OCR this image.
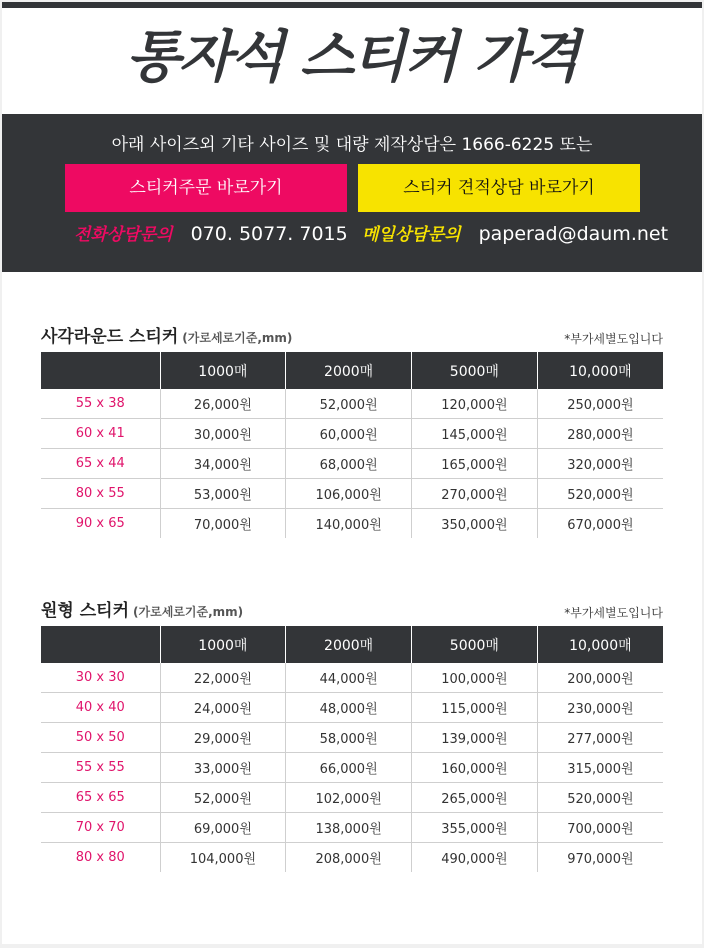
통자석 스티커 가격
아래 사이즈외 기타 사이즈 및 대량 제작상담은 1666-6225 또는
스티커주문 바로가기	스티커 견적상담 바로가기
전화상담문의 070. 5077. 7015 메일상담문의 paperad@daum.net
사각라운드 스티커 (가로세로기준,mm)	*부가세별도입니다
	1000매	2000매	5000매	10,000매
55 x 38	26,000원	52,000원	120,000원	250,000원
60 x 41	30,000원	60,000원	145,000원	280,000원
65 x 44	34,000원	68,000원	165,000원	320,000원
80 x 55	53,000원	106,000원	270,000원	520,000원
90 x 65	70,000원	140,000원	350,000원	670,000원
원형 스티커 (가로세로기준,mm)	*부가세별도입니다
	1000매	2000매	5000매	10,000매
30 x 30	22,000원	44,000원	100,000원	200,000원
40 x 40	24,000원	48,000원	115,000원	230,000원
50 x 50	29,000원	58,000원	139,000원	277,000원
55 x 55	33,000원	66,000원	160,000원	315,000원
65 x 65	52,000원	102,000원	265,000원	520,000원
70 x 70	69,000원	138,000원	355,000원	700,000원
80 x 80	104,000원	208,000원	490,000원	970,000원
